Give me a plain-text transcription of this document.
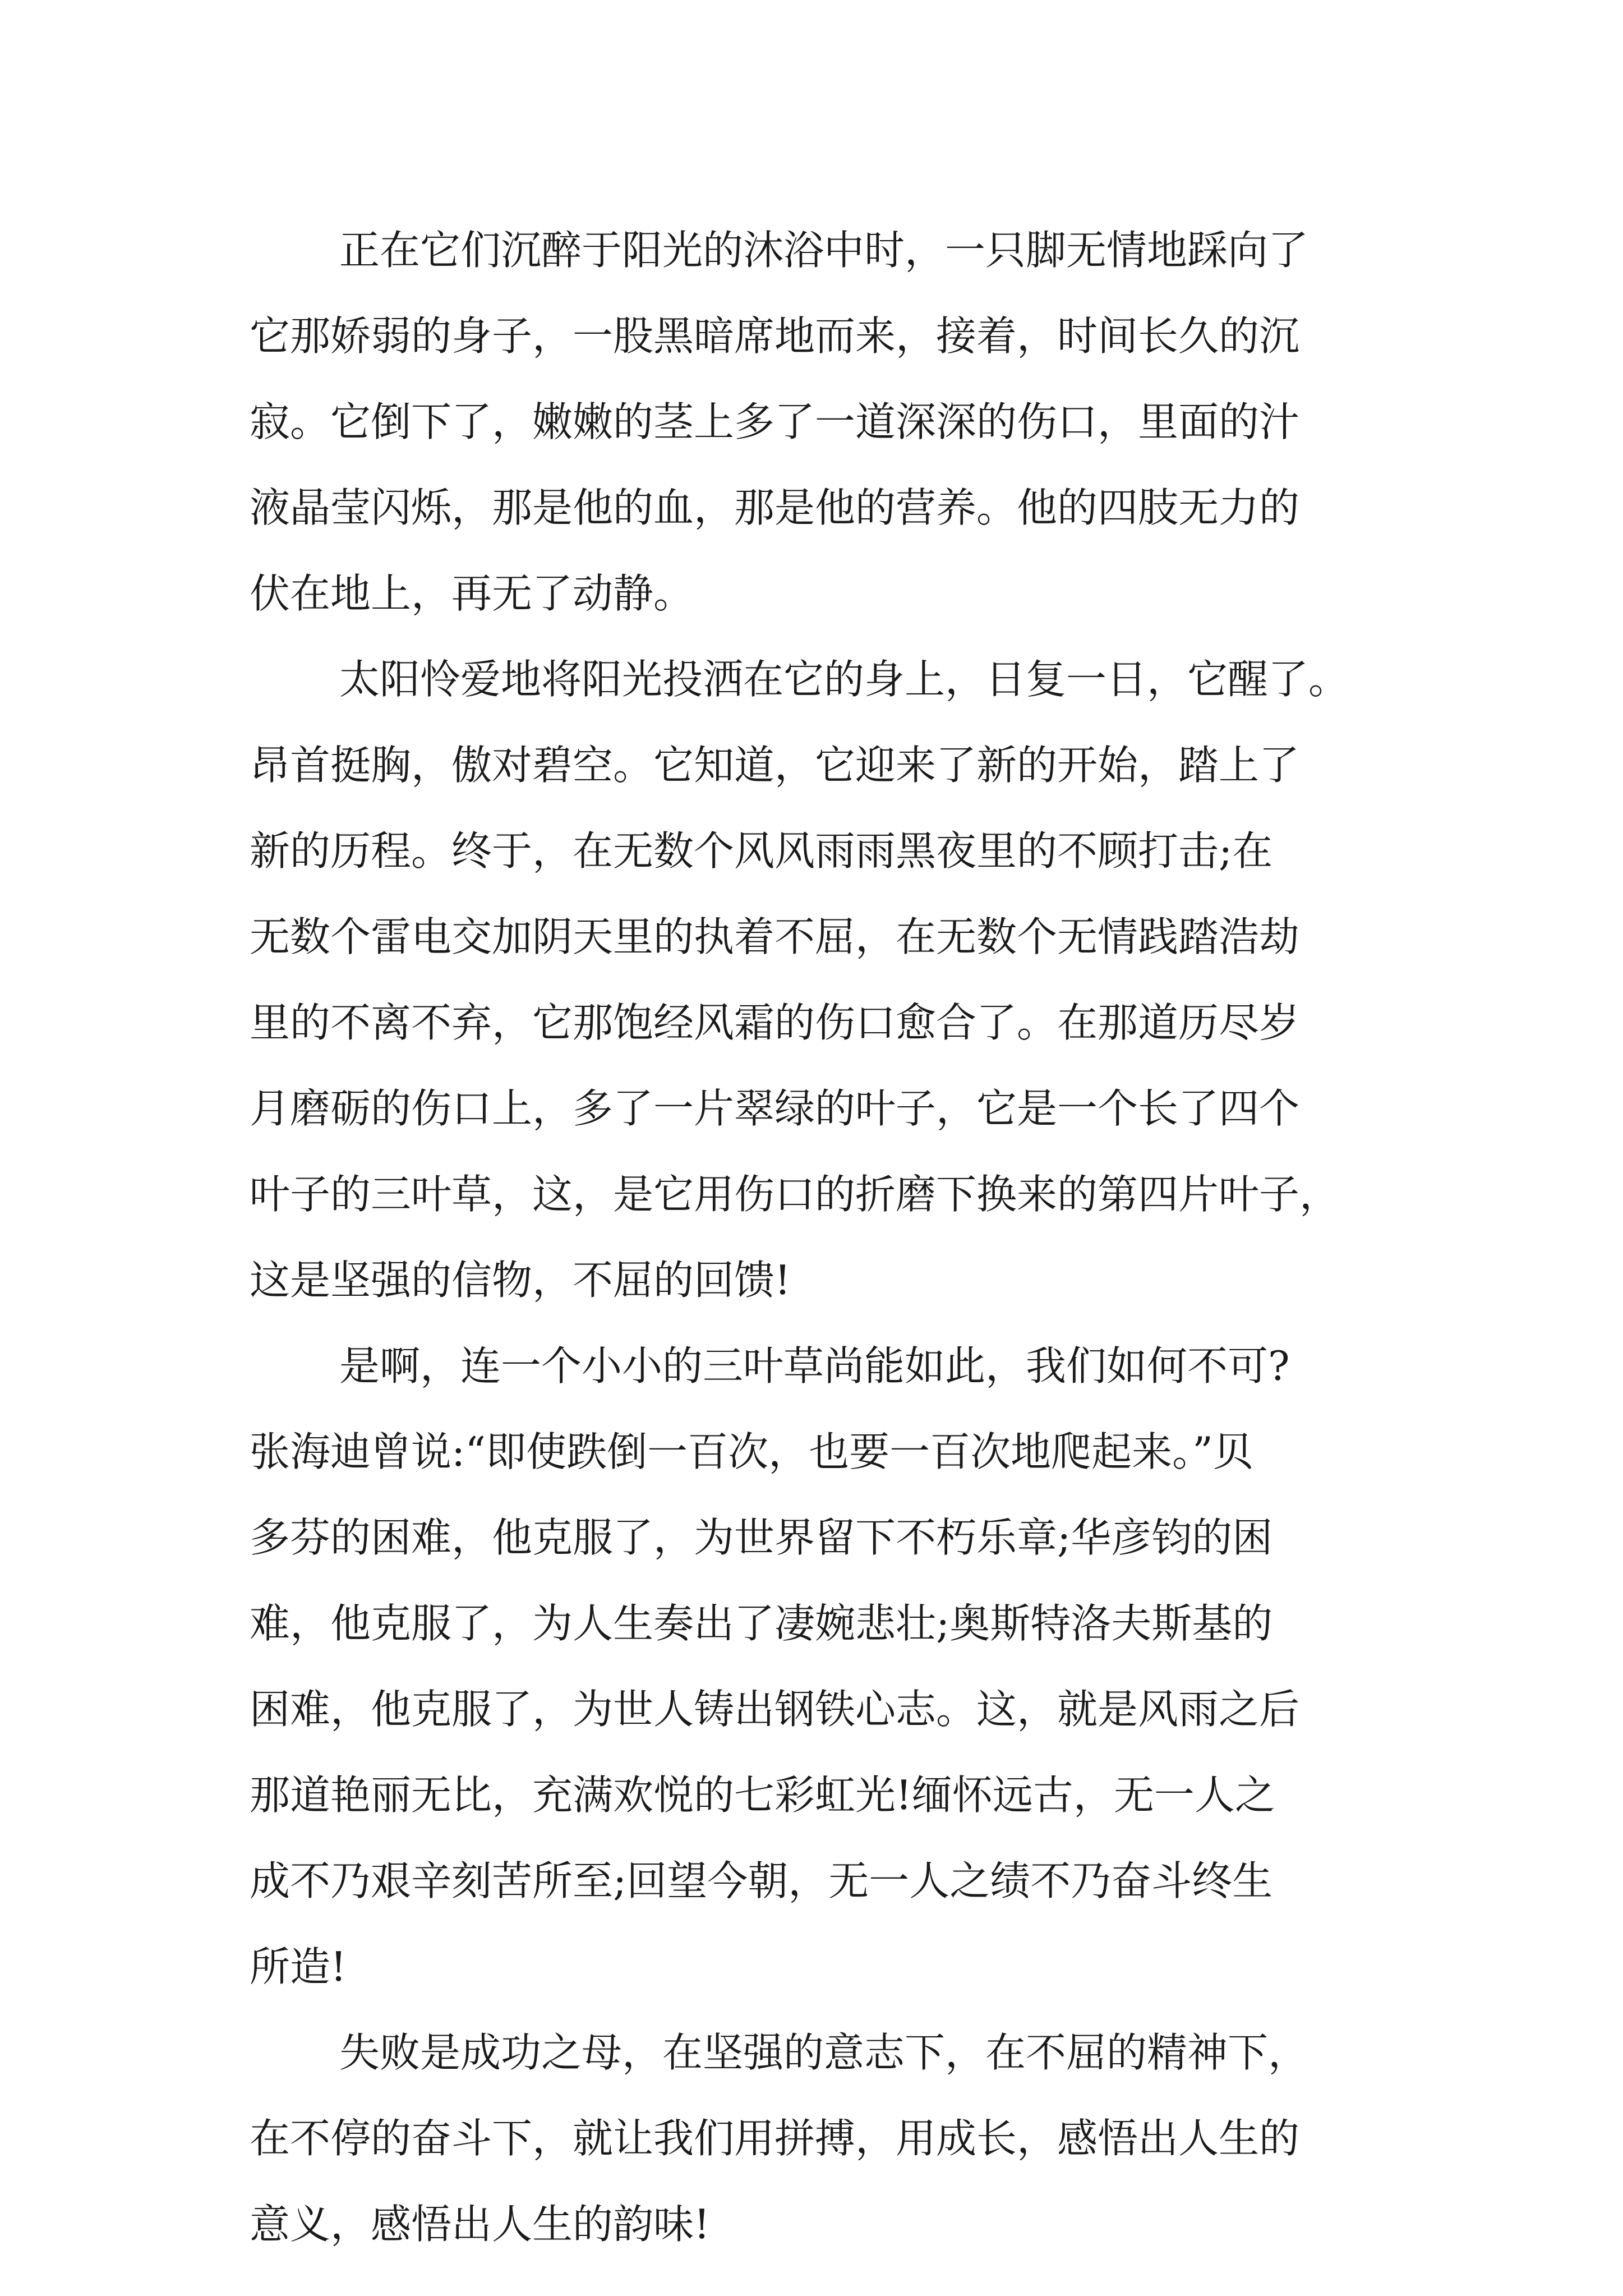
正在它们沉醉于阳光的沐浴中时，一只脚无情地踩向了
它那娇弱的身子，一股黑暗席地而来，接着，时间长久的沉
寂。它倒下了，嫩嫩的茎上多了一道深深的伤口，里面的汁
液晶莹闪烁，那是他的血，那是他的营养。他的四肢无力的
伏在地上，再无了动静。
太阳怜爱地将阳光投洒在它的身上，日复一日，它醒了。
昂首挺胸，傲对碧空。它知道，它迎来了新的开始，踏上了
新的历程。终于，在无数个风风雨雨黑夜里的不顾打击;在
无数个雷电交加阴天里的执着不屈，在无数个无情践踏浩劫
里的不离不弃，它那饱经风霜的伤口愈合了。在那道历尽岁
月磨砺的伤口上，多了一片翠绿的叶子，它是一个长了四个
叶子的三叶草，这，是它用伤口的折磨下换来的第四片叶子，
这是坚强的信物，不屈的回馈!
是啊，连一个小小的三叶草尚能如此，我们如何不可?
张海迪曾说:“即使跌倒一百次，也要一百次地爬起来。”贝
多芬的困难，他克服了，为世界留下不朽乐章;华彦钧的困
难，他克服了，为人生奏出了凄婉悲壮;奥斯特洛夫斯基的
困难，他克服了，为世人铸出钢铁心志。这，就是风雨之后
那道艳丽无比，充满欢悦的七彩虹光!缅怀远古，无一人之
成不乃艰辛刻苦所至;回望今朝，无一人之绩不乃奋斗终生
所造!
失败是成功之母，在坚强的意志下，在不屈的精神下，
在不停的奋斗下，就让我们用拼搏，用成长，感悟出人生的
意义，感悟出人生的韵味!
